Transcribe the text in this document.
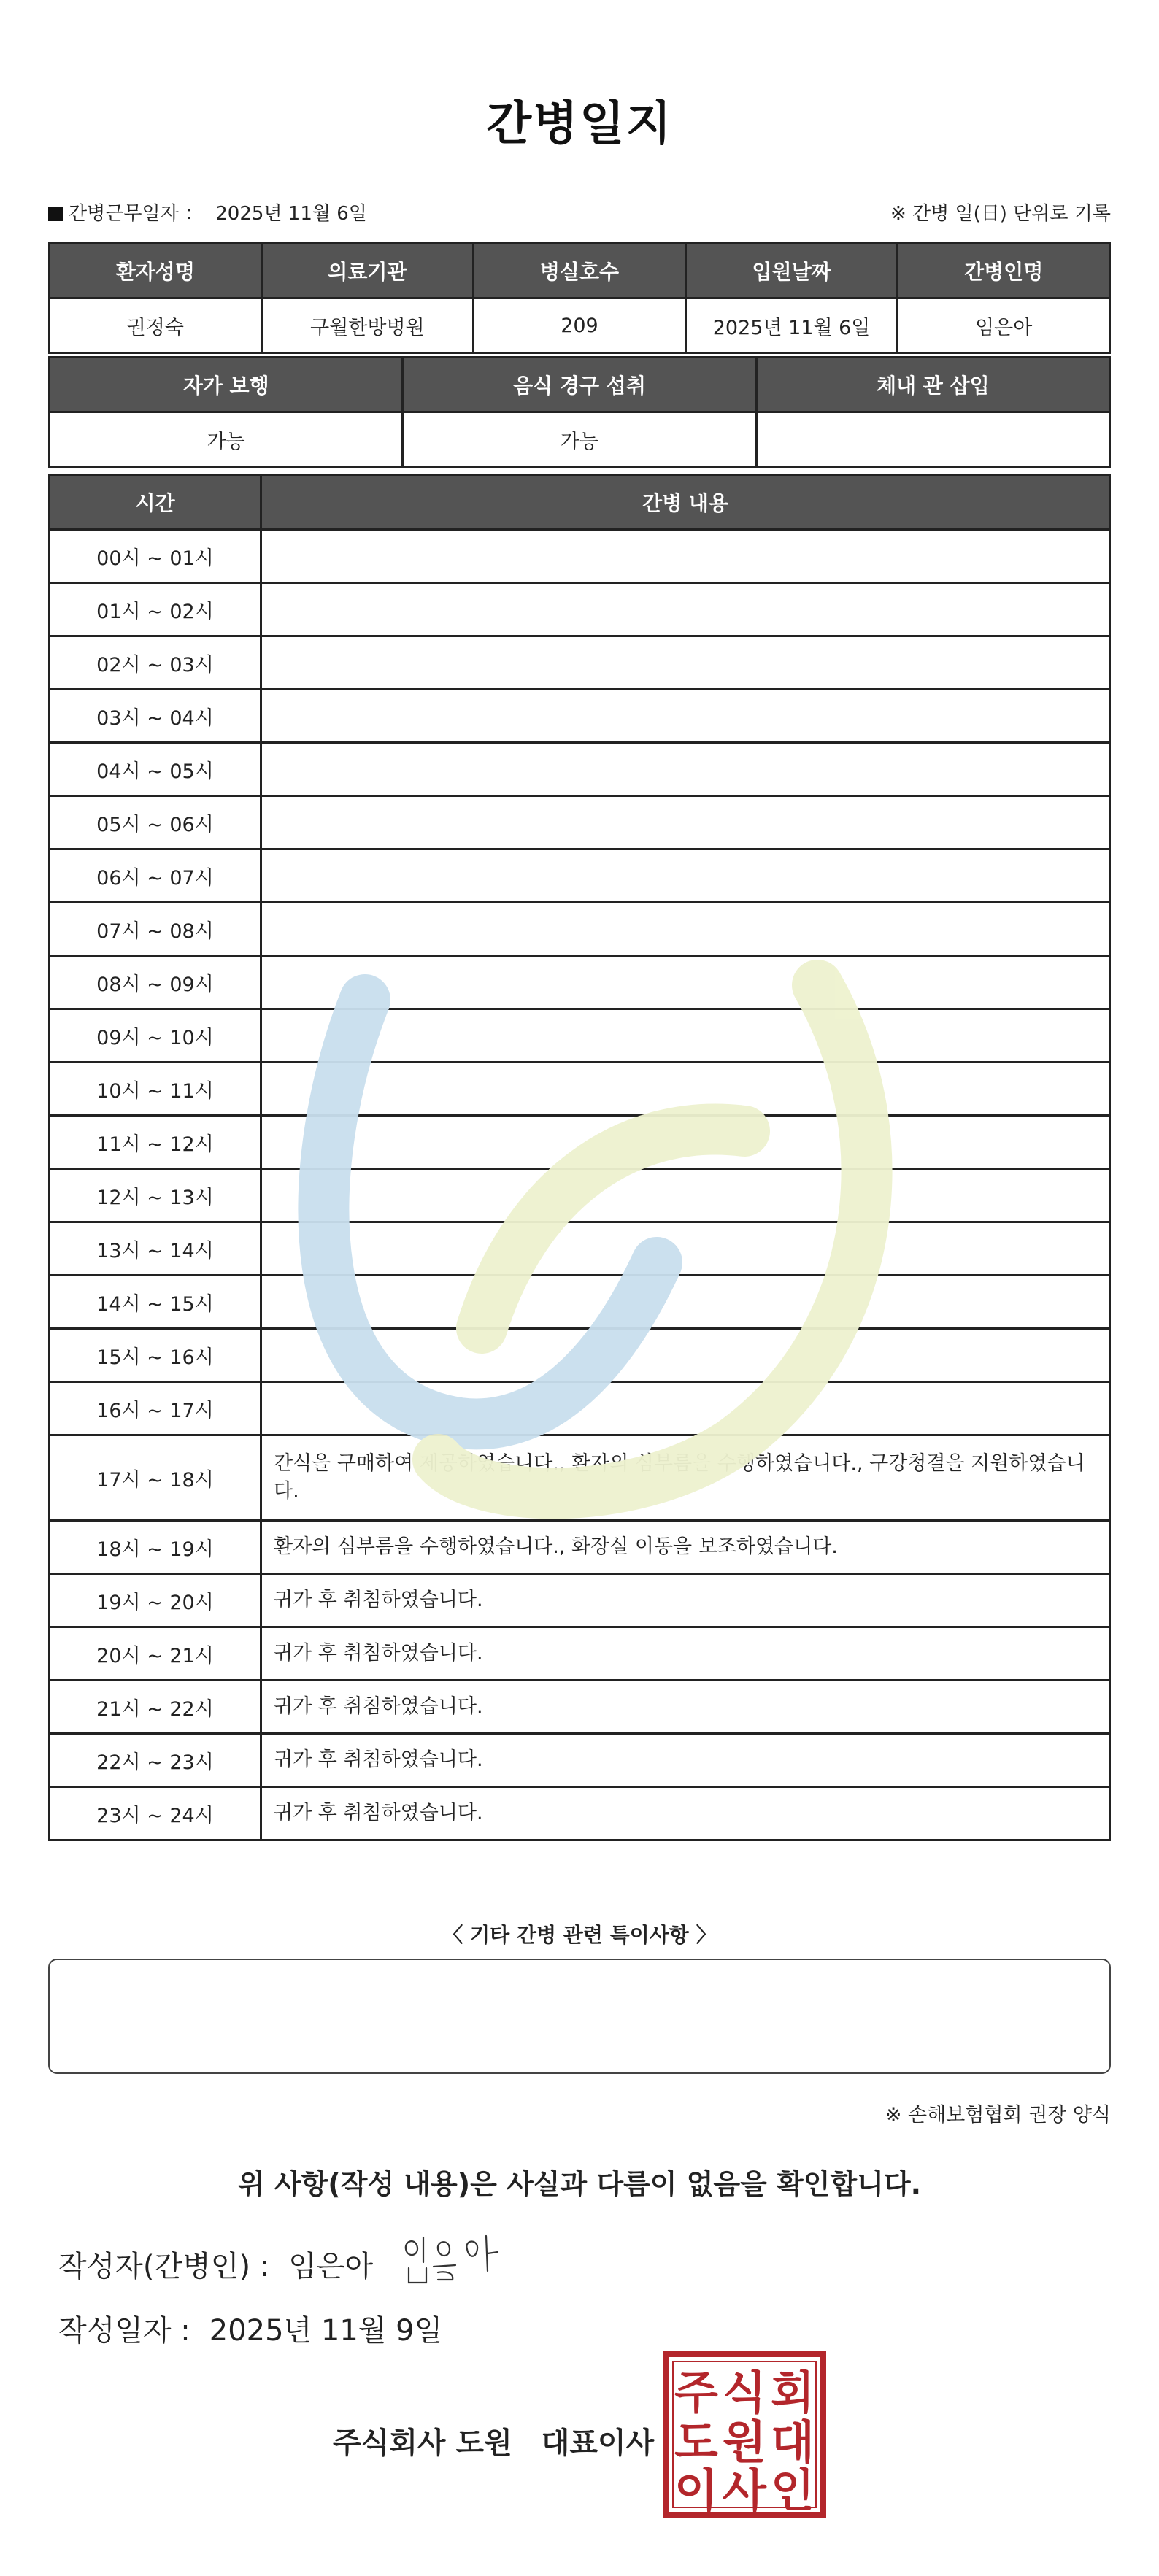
간병일지
간병근무일자 ： 2025년 11월 6일	※ 간병 일(日) 단위로 기록
환자성명	의료기관	병실호수	입원날짜	간병인명
권정숙	구월한방병원	209	2025년 11월 6일	임은아
자가 보행	음식 경구 섭취	체내 관 삽입
가능	가능	
시간	간병 내용
00시 ~ 01시	
01시 ~ 02시	
02시 ~ 03시	
03시 ~ 04시	
04시 ~ 05시	
05시 ~ 06시	
06시 ~ 07시	
07시 ~ 08시	
08시 ~ 09시	
09시 ~ 10시	
10시 ~ 11시	
11시 ~ 12시	
12시 ~ 13시	
13시 ~ 14시	
14시 ~ 15시	
15시 ~ 16시	
16시 ~ 17시	
17시 ~ 18시	간식을 구매하여 제공하였습니다., 환자의 심부름을 수행하였습니다., 구강청결을 지원하였습니다.
18시 ~ 19시	환자의 심부름을 수행하였습니다., 화장실 이동을 보조하였습니다.
19시 ~ 20시	귀가 후 취침하였습니다.
20시 ~ 21시	귀가 후 취침하였습니다.
21시 ~ 22시	귀가 후 취침하였습니다.
22시 ~ 23시	귀가 후 취침하였습니다.
23시 ~ 24시	귀가 후 취침하였습니다.
〈 기타 간병 관련 특이사항 〉
※ 손해보험협회 권장 양식
위 사항(작성 내용)은 사실과 다름이 없음을 확인합니다.
작성자(간병인) : 임은아
작성일자 : 2025년 11월 9일
주식회사 도원 대표이사
주 식 회
도 원 대
이 사 인
